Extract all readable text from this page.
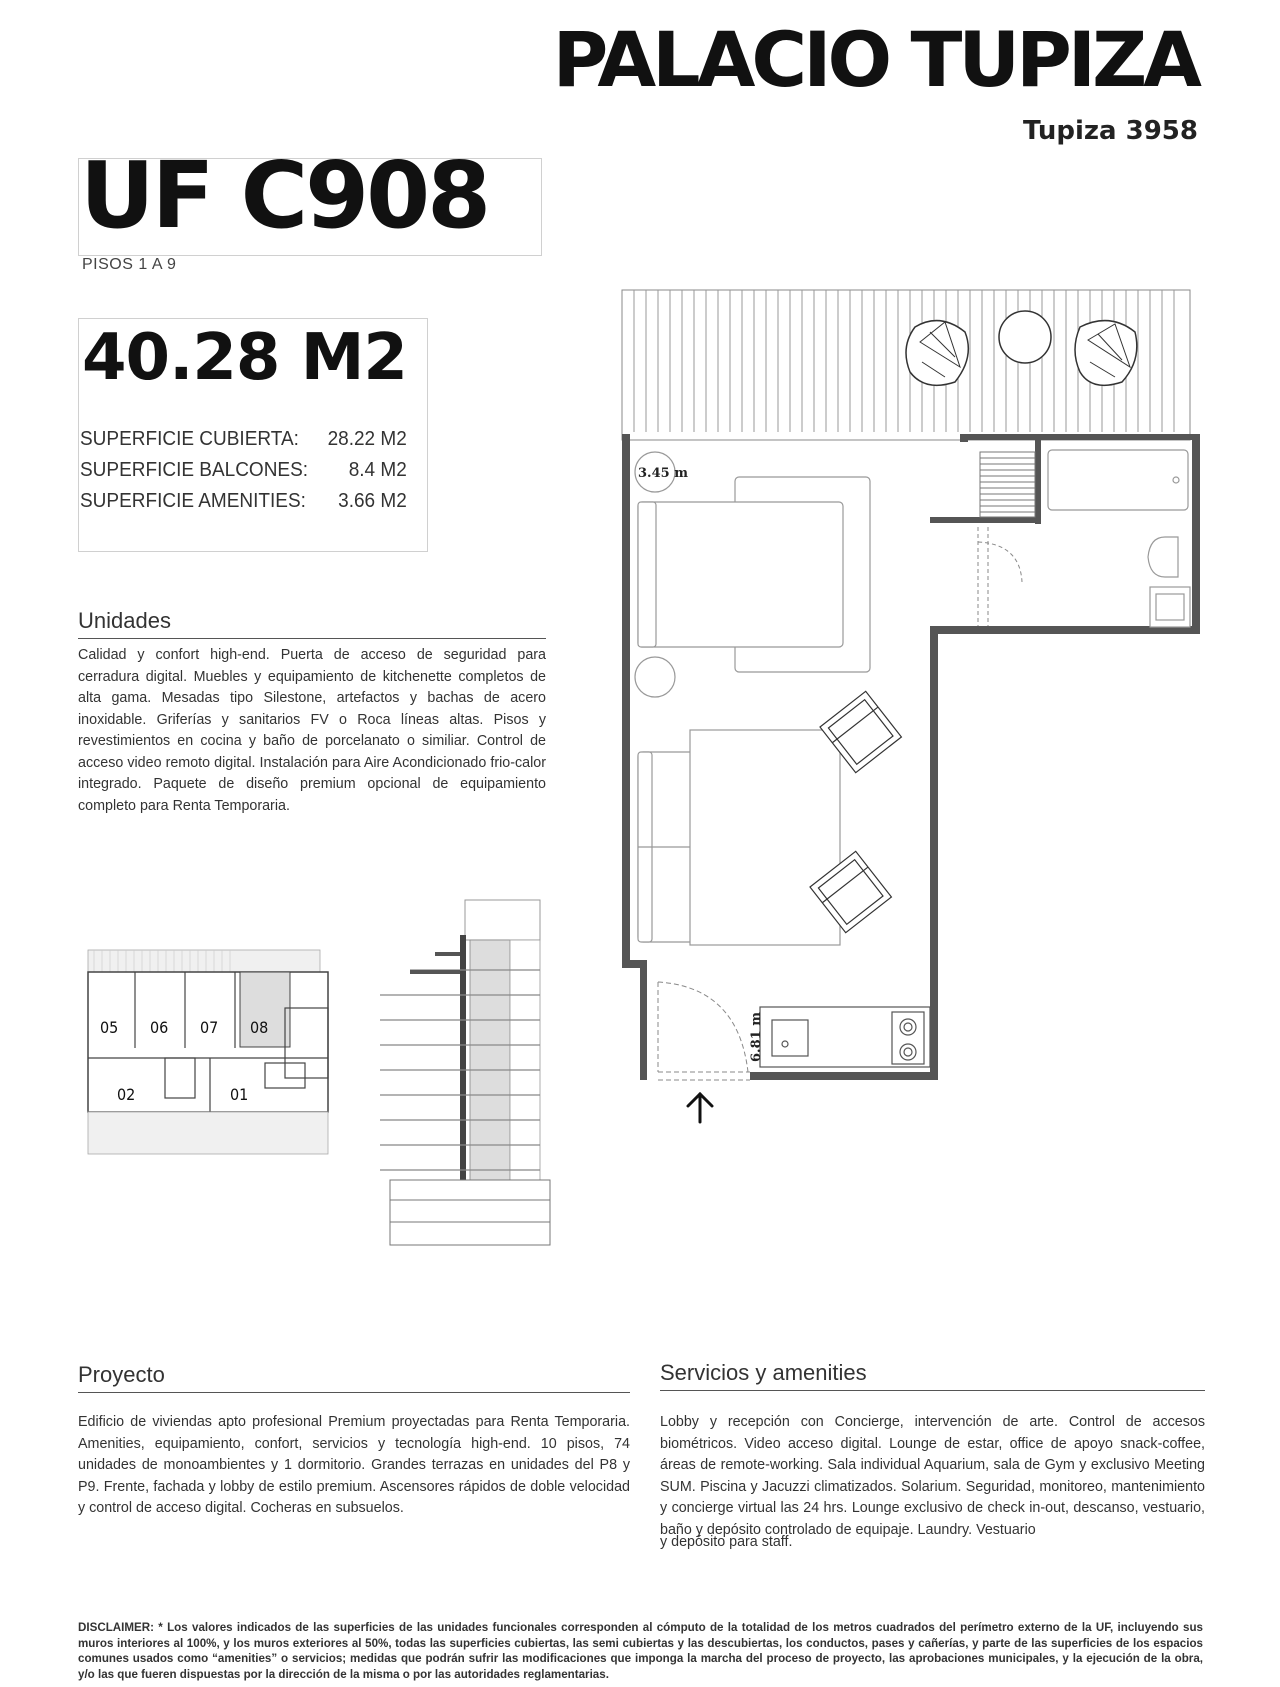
PALACIO TUPIZA
Tupiza 3958
UF C908
PISOS 1 A 9
40.28 M2
SUPERFICIE CUBIERTA: 28.22 M2
SUPERFICIE BALCONES: 8.4 M2
SUPERFICIE AMENITIES: 3.66 M2
Unidades
Calidad y confort high-end. Puerta de acceso de seguridad para cerradura digital. Muebles y equipamiento de kitchenette completos de alta gama. Mesadas tipo Silestone, artefactos y bachas de acero inoxidable. Griferías y sanitarios FV o Roca líneas altas. Pisos y revestimientos en cocina y baño de porcelanato o similiar. Control de acceso video remoto digital. Instalación para Aire Acondicionado frio-calor integrado. Paquete de diseño premium opcional de equipamiento completo para Renta Temporaria.
3.45 m
6.81 m
05 06 07 08
02	01
Proyecto
Edificio de viviendas apto profesional Premium proyectadas para Renta Temporaria. Amenities, equipamiento, confort, servicios y tecnología high-end. 10 pisos, 74 unidades de monoambientes y 1 dormitorio. Grandes terrazas en unidades del P8 y P9. Frente, fachada y lobby de estilo premium. Ascensores rápidos de doble velocidad y control de acceso digital. Cocheras en subsuelos.
Servicios y amenities
Lobby y recepción con Concierge, intervención de arte. Control de accesos biométricos. Video acceso digital. Lounge de estar, office de apoyo snack-coffee, áreas de remote-working. Sala individual Aquarium, sala de Gym y exclusivo Meeting SUM. Piscina y Jacuzzi climatizados. Solarium. Seguridad, monitoreo, mantenimiento y concierge virtual las 24 hrs. Lounge exclusivo de check in-out, descanso, vestuario, baño y depósito controlado de equipaje. Laundry. Vestuario
y depósito para staff.
DISCLAIMER: * Los valores indicados de las superficies de las unidades funcionales corresponden al cómputo de la totalidad de los metros cuadrados del perímetro externo de la UF, incluyendo sus muros interiores al 100%, y los muros exteriores al 50%, todas las superficies cubiertas, las semi cubiertas y las descubiertas, los conductos, pases y cañerías, y parte de las superficies de los espacios comunes usados como “amenities” o servicios; medidas que podrán sufrir las modificaciones que imponga la marcha del proceso de proyecto, las aprobaciones municipales, y la ejecución de la obra, y/o las que fueren dispuestas por la dirección de la misma o por las autoridades reglamentarias.
